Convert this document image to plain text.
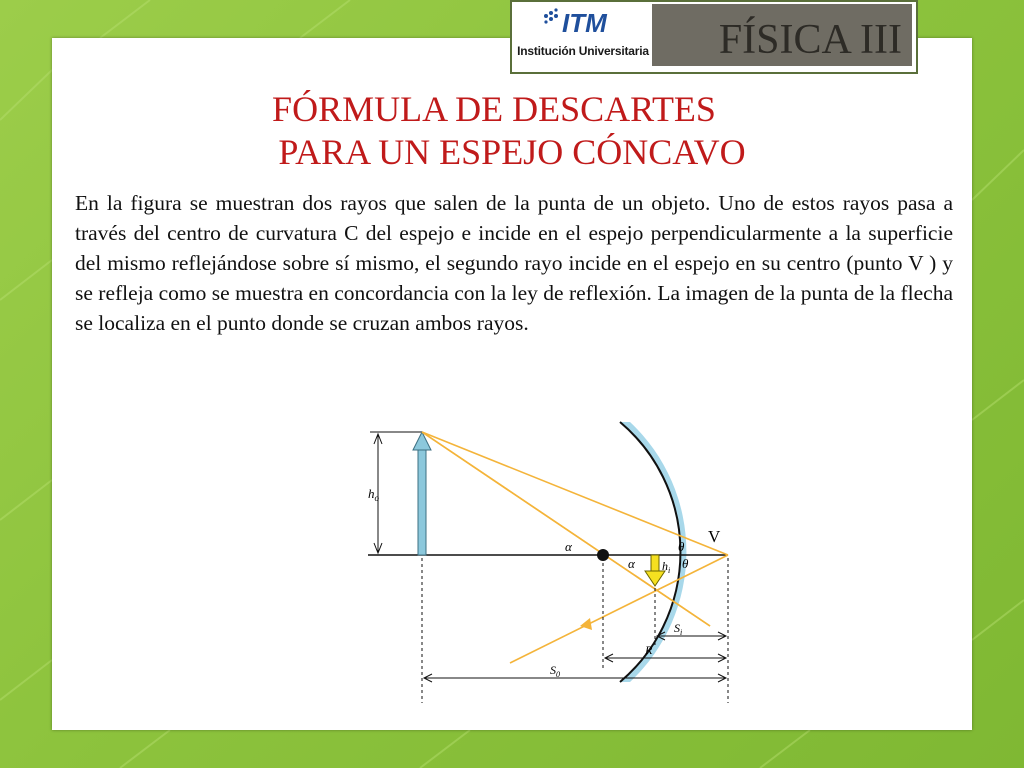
ITM
Institución Universitaria FÍSICA III
FÓRMULA DE DESCARTES
PARA UN ESPEJO CÓNCAVO
En la figura se muestran dos rayos que salen de la punta de un objeto. Uno de estos rayos pasa a través del centro de curvatura C del espejo e incide en el espejo perpendicularmente a la superficie del mismo reflejándose sobre sí mismo, el segundo rayo incide en el espejo en su centro (punto V ) y se refleja como se muestra en concordancia con la ley de reflexión. La imagen de la punta de la flecha se localiza en el punto donde se cruzan ambos rayos.
$h_o$
α
α
θ
θ
V
$h_i$
$S_i$
R
$S_0$
